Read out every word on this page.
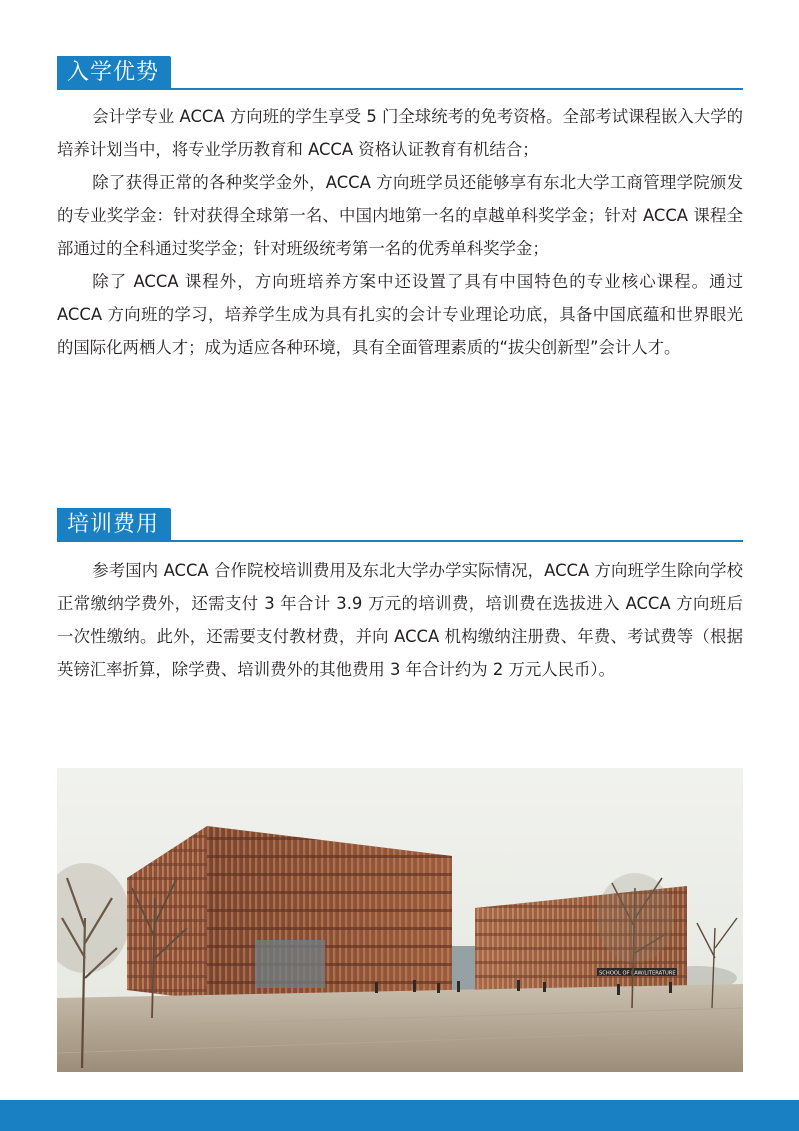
入学优势

会计学专业 ACCA 方向班的学生享受 5 门全球统考的免考资格。全部考试课程嵌入大学的培养计划当中，将专业学历教育和 ACCA 资格认证教育有机结合；

除了获得正常的各种奖学金外，ACCA 方向班学员还能够享有东北大学工商管理学院颁发的专业奖学金：针对获得全球第一名、中国内地第一名的卓越单科奖学金；针对 ACCA 课程全部通过的全科通过奖学金；针对班级统考第一名的优秀单科奖学金；

除了 ACCA 课程外，方向班培养方案中还设置了具有中国特色的专业核心课程。通过 ACCA 方向班的学习，培养学生成为具有扎实的会计专业理论功底，具备中国底蕴和世界眼光的国际化两栖人才；成为适应各种环境，具有全面管理素质的“拔尖创新型”会计人才。

培训费用

参考国内 ACCA 合作院校培训费用及东北大学办学实际情况，ACCA 方向班学生除向学校正常缴纳学费外，还需支付 3 年合计 3.9 万元的培训费，培训费在选拔进入 ACCA 方向班后一次性缴纳。此外，还需要支付教材费，并向 ACCA 机构缴纳注册费、年费、考试费等（根据英镑汇率折算，除学费、培训费外的其他费用 3 年合计约为 2 万元人民币）。

SCHOOL OF LAW/LITERATURE
